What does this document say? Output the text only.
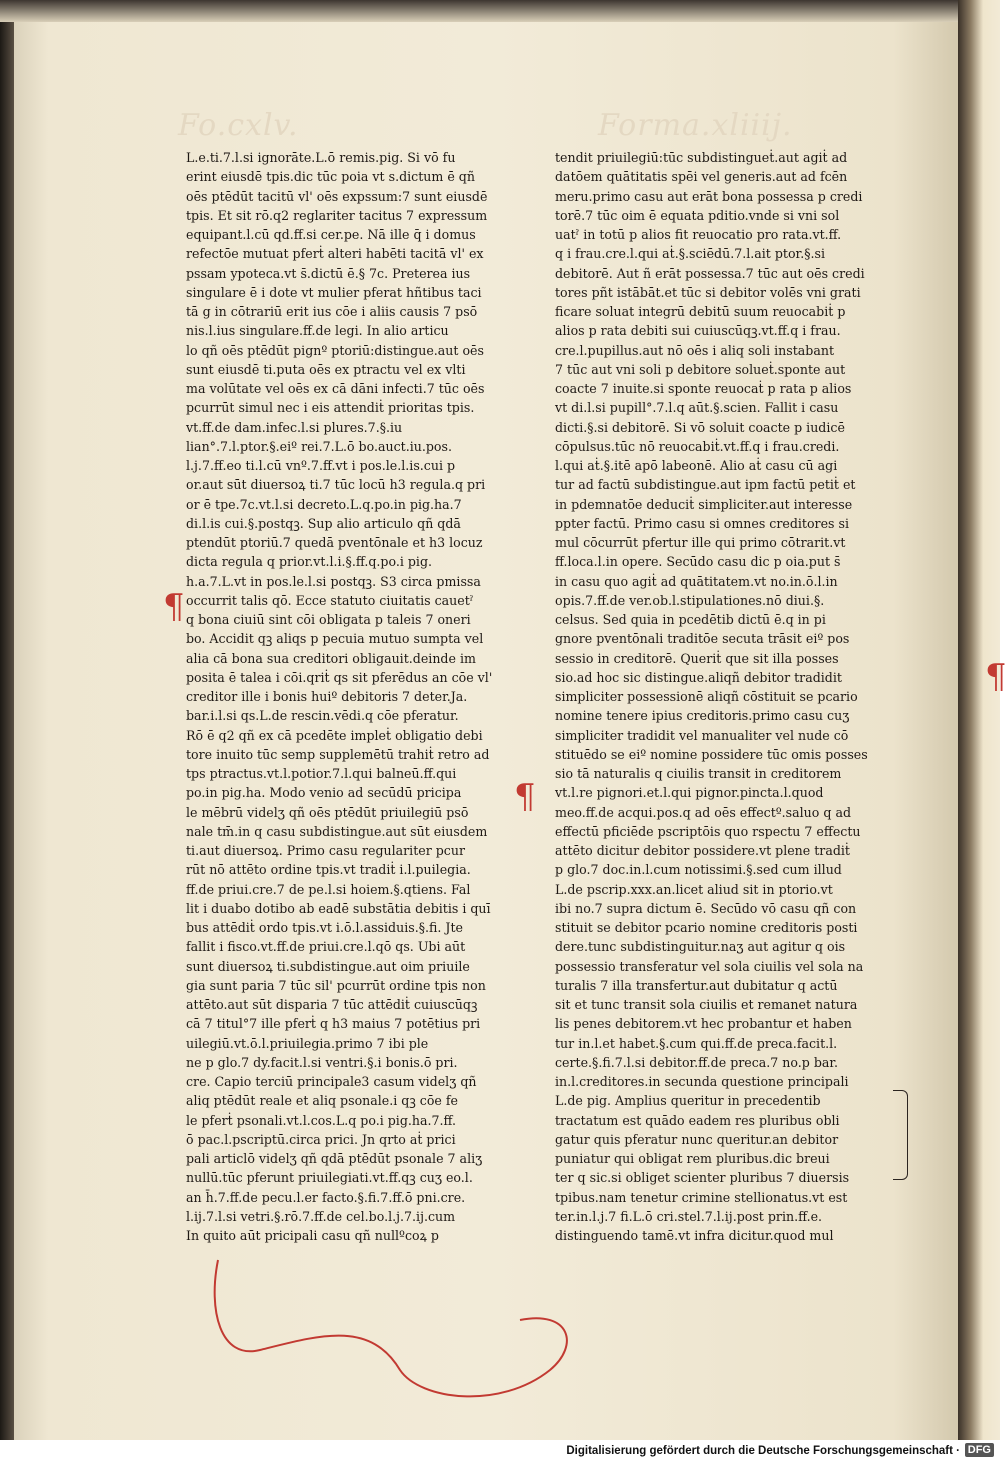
Fo.cxlv.	Forma.xliiij.
L.e.ti.7.l.si ignorāte.L.ō remis.pig. Si vō fu
erint eiusdē tpis.dic tūc poia vt s.dictum ē qñ
oēs ptēdūt tacitū vl' oēs expssum:7 sunt eiusdē
tpis. Et sit rō.q2 reglariter tacitus 7 expressum
equipant.l.cū qd.ff.si cer.pe. Nā ille q̄ i domus
refectōe mutuat pferṫ alteri habēti tacitā vl' ex
pssam ypoteca.vt s̄.dictū ē.§ 7c. Preterea ius
singulare ē i dote vt mulier pferat hñtibus taci
tā g in cōtrariū erit ius cōe i aliis causis 7 psō
nis.l.ius singulare.ff.de legi. In alio articu
lo qñ oēs ptēdūt pignº ptoriū:distingue.aut oēs
sunt eiusdē ti.puta oēs ex ptractu vel ex vlti
ma volūtate vel oēs ex cā dāni infecti.7 tūc oēs
pcurrūt simul nec i eis attendiṫ prioritas tpis.
vt.ff.de dam.infec.l.si plures.7.§.iu
lian°.7.l.ptor.§.eiº rei.7.L.ō bo.auct.iu.pos.
l.j.7.ff.eo ti.l.cū vnº.7.ff.vt i pos.le.l.is.cui p
or.aut sūt diuersoꝝ ti.7 tūc locū h3 regula.q pri
or ē tpe.7c.vt.l.si decreto.L.q.po.in pig.ha.7
di.l.is cui.§.postqꝫ. Sup alio articulo qñ qdā
ptendūt ptoriū.7 quedā pventōnale et h3 locuz
dicta regula q prior.vt.l.i.§.ff.q.po.i pig.
h.a.7.L.vt in pos.le.l.si postqꝫ. S3 circa pmissa
occurrit talis qō. Ecce statuto ciuitatis cauetˀ
q bona ciuiū sint cōi obligata p taleis 7 oneri
bo. Accidit qꝫ aliqs p pecuia mutuo sumpta vel
alia cā bona sua creditori obligauit.deinde im
posita ē talea i cōi.qriṫ qs sit pferēdus an cōe vl'
creditor ille i bonis huiº debitoris 7 deter.Ja.
bar.i.l.si qs.L.de rescin.vēdi.q cōe pferatur.
Rō ē q2 qñ ex cā pcedēte impleṫ obligatio debi
tore inuito tūc semp supplemētū trahiṫ retro ad
tps ptractus.vt.l.potior.7.l.qui balneū.ff.qui
po.in pig.ha. Modo venio ad secūdū pricipa
le mēbrū videlʒ qñ oēs ptēdūt priuilegiū psō
nale tm̄.in q casu subdistingue.aut sūt eiusdem
ti.aut diuersoꝝ. Primo casu regulariter pcur
rūt nō attēto ordine tpis.vt tradiṫ i.l.puilegia.
ff.de priui.cre.7 de pe.l.si hoiem.§.qtiens. Fal
lit i duabo dotibo ab eadē substātia debitis i quī
bus attēdiṫ ordo tpis.vt i.ō.l.assiduis.§.fi. Jte
fallit i fisco.vt.ff.de priui.cre.l.qō qs. Ubi aūt
sunt diuersoꝝ ti.subdistingue.aut oim priuile
gia sunt paria 7 tūc sil' pcurrūt ordine tpis non
attēto.aut sūt disparia 7 tūc attēdiṫ cuiuscūqꝫ
cā 7 titul°7 ille pferṫ q h3 maius 7 potētius pri
uilegiū.vt.ō.l.priuilegia.primo 7 ibi ple
ne p glo.7 dy.facit.l.si ventri.§.i bonis.ō pri.
cre. Capio terciū principale3 casum videlʒ qñ
aliq ptēdūt reale et aliq psonale.i qꝫ cōe fe
le pferṫ psonali.vt.l.cos.L.q po.i pig.ha.7.ff.
ō pac.l.pscriptū.circa prici. Jn qrto aṫ prici
pali articlō videlʒ qñ qdā ptēdūt psonale 7 aliʒ
nullū.tūc pferunt priuilegiati.vt.ff.qꝫ cuʒ eo.l.
an h̄.7.ff.de pecu.l.er facto.§.fi.7.ff.ō pni.cre.
l.ij.7.l.si vetri.§.rō.7.ff.de cel.bo.l.j.7.ij.cum
In quito aūt pricipali casu qñ nullºcoꝝ p
tendit priuilegiū:tūc subdistingueṫ.aut agiṫ ad
datōem quātitatis spēi vel generis.aut ad fcēn
meru.primo casu aut erāt bona possessa p credi
torē.7 tūc oim ē equata pditio.vnde si vni sol
uatˀ in totū p alios fit reuocatio pro rata.vt.ff.
q i frau.cre.l.qui aṫ.§.sciēdū.7.l.ait ptor.§.si
debitorē. Aut ñ erāt possessa.7 tūc aut oēs credi
tores pñt istābāt.et tūc si debitor volēs vni grati
ficare soluat integrū debitū suum reuocabiṫ p
alios p rata debiti sui cuiuscūqꝫ.vt.ff.q i frau.
cre.l.pupillus.aut nō oēs i aliq soli instabant
7 tūc aut vni soli p debitore solueṫ.sponte aut
coacte 7 inuite.si sponte reuocaṫ p rata p alios
vt di.l.si pupill°.7.l.q aūt.§.scien. Fallit i casu
dicti.§.si debitorē. Si vō soluit coacte p iudicē
cōpulsus.tūc nō reuocabiṫ.vt.ff.q i frau.credi.
l.qui aṫ.§.itē apō labeonē. Alio aṫ casu cū agi
tur ad factū subdistingue.aut ipm factū petiṫ et
in pdemnatōe deduciṫ simpliciter.aut interesse
ppter factū. Primo casu si omnes creditores si
mul cōcurrūt pfertur ille qui primo cōtrarit.vt
ff.loca.l.in opere. Secūdo casu dic p oia.put s̄
in casu quo agiṫ ad quātitatem.vt no.in.ō.l.in
opis.7.ff.de ver.ob.l.stipulationes.nō diui.§.
celsus. Sed quia in pcedētib dictū ē.q in pi
gnore pventōnali traditōe secuta trāsit eiº pos
sessio in creditorē. Queriṫ que sit illa posses
sio.ad hoc sic distingue.aliqñ debitor tradidit
simpliciter possessionē aliqñ cōstituit se pcario
nomine tenere ipius creditoris.primo casu cuʒ
simpliciter tradidit vel manualiter vel nude cō
stituēdo se eiº nomine possidere tūc omis posses
sio tā naturalis q ciuilis transit in creditorem
vt.l.re pignori.et.l.qui pignor.pincta.l.quod
meo.ff.de acqui.pos.q ad oēs effectº.saluo q ad
effectū pficiēde pscriptōis quo rspectu 7 effectu
attēto dicitur debitor possidere.vt plene tradiṫ
p glo.7 doc.in.l.cum notissimi.§.sed cum illud
L.de pscrip.xxx.an.licet aliud sit in ptorio.vt
ibi no.7 supra dictum ē. Secūdo vō casu qñ con
stituit se debitor pcario nomine creditoris posti
dere.tunc subdistinguitur.naʒ aut agitur q ois
possessio transferatur vel sola ciuilis vel sola na
turalis 7 illa transfertur.aut dubitatur q actū
sit et tunc transit sola ciuilis et remanet natura
lis penes debitorem.vt hec probantur et haben
tur in.l.et habet.§.cum qui.ff.de preca.facit.l.
certe.§.fi.7.l.si debitor.ff.de preca.7 no.p bar.
in.l.creditores.in secunda questione principali
L.de pig. Amplius queritur in precedentib
tractatum est quādo eadem res pluribus obli
gatur quis pferatur nunc queritur.an debitor
puniatur qui obligat rem pluribus.dic breui
ter q sic.si obliget scienter pluribus 7 diuersis
tpibus.nam tenetur crimine stellionatus.vt est
ter.in.l.j.7 fi.L.ō cri.stel.7.l.ij.post prin.ff.e.
distinguendo tamē.vt infra dicitur.quod mul
¶
¶
¶
Digitalisierung gefördert durch die Deutsche Forschungsgemeinschaft · DFG
